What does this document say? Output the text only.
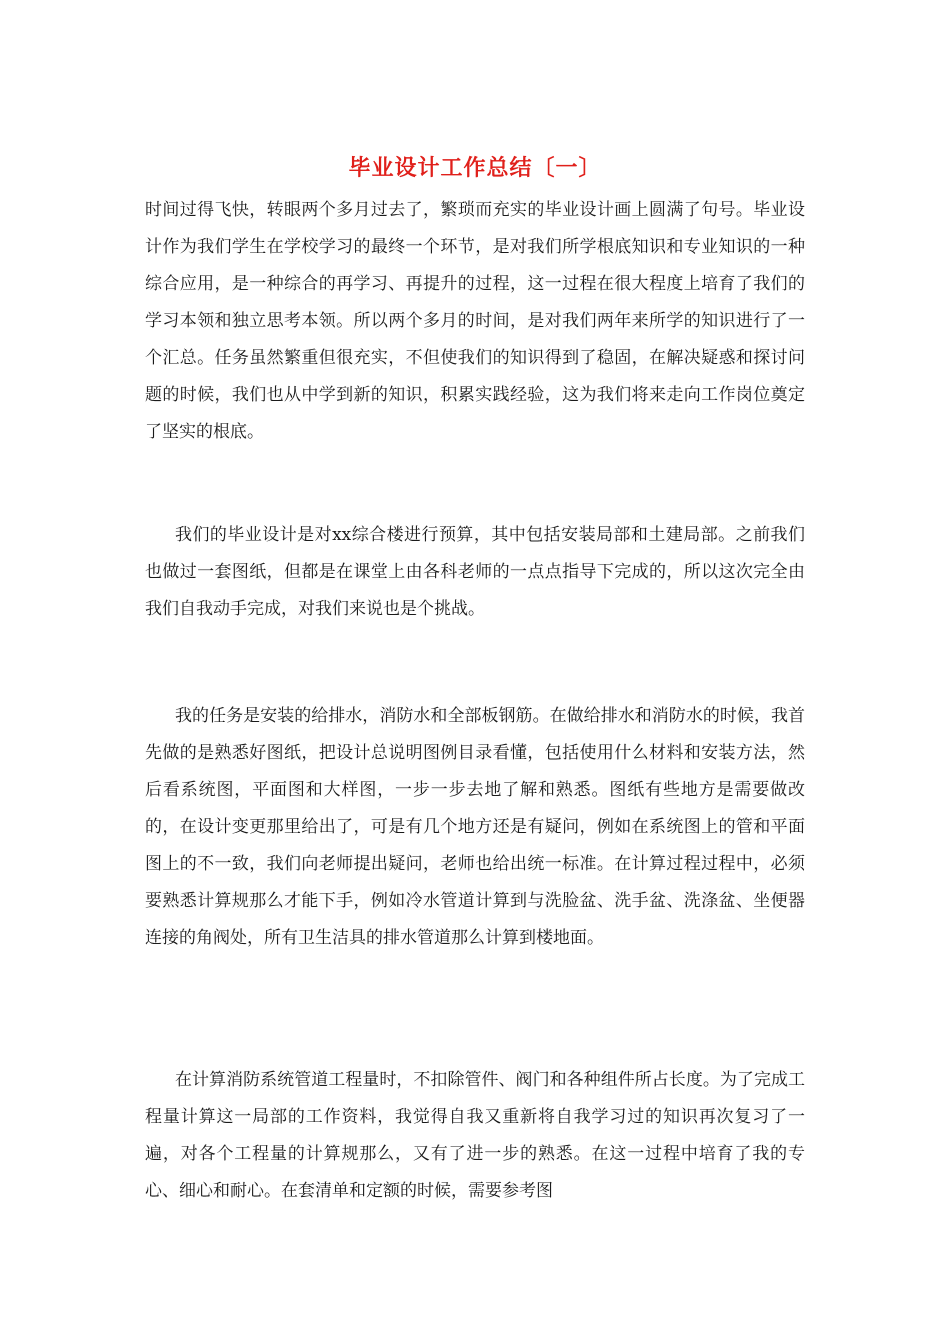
毕业设计工作总结〔一〕

时间过得飞快，转眼两个多月过去了，繁琐而充实的毕业设计画上圆满了句号。毕业设计作为我们学生在学校学习的最终一个环节，是对我们所学根底知识和专业知识的一种综合应用，是一种综合的再学习、再提升的过程，这一过程在很大程度上培育了我们的学习本领和独立思考本领。所以两个多月的时间，是对我们两年来所学的知识进行了一个汇总。任务虽然繁重但很充实，不但使我们的知识得到了稳固，在解决疑惑和探讨问题的时候，我们也从中学到新的知识，积累实践经验，这为我们将来走向工作岗位奠定了坚实的根底。

我们的毕业设计是对xx综合楼进行预算，其中包括安装局部和土建局部。之前我们也做过一套图纸，但都是在课堂上由各科老师的一点点指导下完成的，所以这次完全由我们自我动手完成，对我们来说也是个挑战。

我的任务是安装的给排水，消防水和全部板钢筋。在做给排水和消防水的时候，我首先做的是熟悉好图纸，把设计总说明图例目录看懂，包括使用什么材料和安装方法，然后看系统图，平面图和大样图，一步一步去地了解和熟悉。图纸有些地方是需要做改的，在设计变更那里给出了，可是有几个地方还是有疑问，例如在系统图上的管和平面图上的不一致，我们向老师提出疑问，老师也给出统一标准。在计算过程过程中，必须要熟悉计算规那么才能下手，例如冷水管道计算到与洗脸盆、洗手盆、洗涤盆、坐便器连接的角阀处，所有卫生洁具的排水管道那么计算到楼地面。

在计算消防系统管道工程量时，不扣除管件、阀门和各种组件所占长度。为了完成工程量计算这一局部的工作资料，我觉得自我又重新将自我学习过的知识再次复习了一遍，对各个工程量的计算规那么，又有了进一步的熟悉。在这一过程中培育了我的专心、细心和耐心。在套清单和定额的时候，需要参考图
